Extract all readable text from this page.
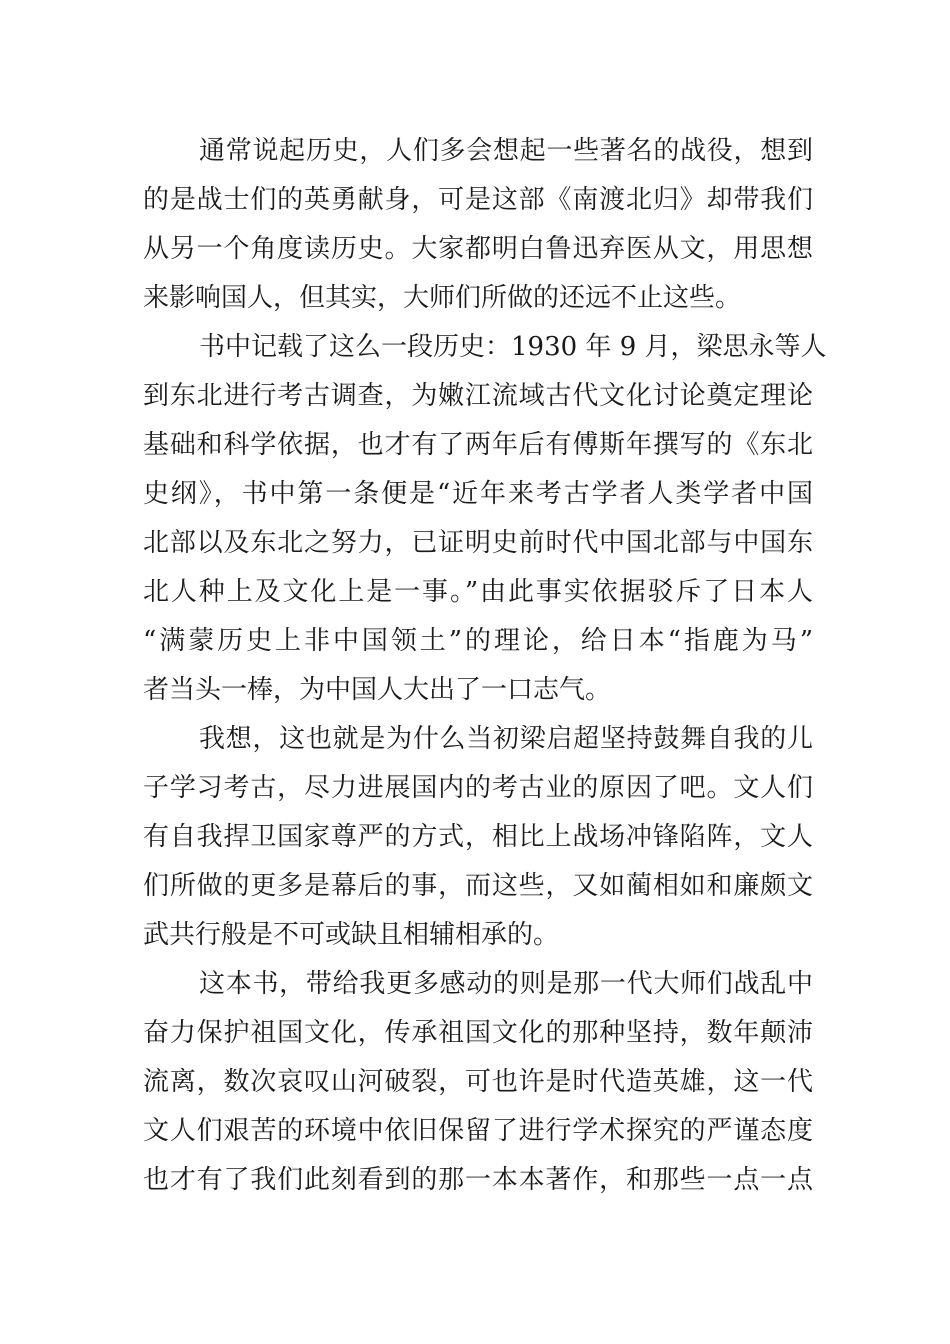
通常说起历史，人们多会想起一些著名的战役，想到
的是战士们的英勇献身，可是这部《南渡北归》却带我们
从另一个角度读历史。大家都明白鲁迅弃医从文，用思想
来影响国人，但其实，大师们所做的还远不止这些。
书中记载了这么一段历史：1930 年 9 月，梁思永等人
到东北进行考古调查，为嫩江流域古代文化讨论奠定理论
基础和科学依据，也才有了两年后有傅斯年撰写的《东北
史纲》，书中第一条便是“近年来考古学者人类学者中国
北部以及东北之努力，已证明史前时代中国北部与中国东
北人种上及文化上是一事。”由此事实依据驳斥了日本人
“满蒙历史上非中国领土”的理论，给日本“指鹿为马”
者当头一棒，为中国人大出了一口志气。
我想，这也就是为什么当初梁启超坚持鼓舞自我的儿
子学习考古，尽力进展国内的考古业的原因了吧。文人们
有自我捍卫国家尊严的方式，相比上战场冲锋陷阵，文人
们所做的更多是幕后的事，而这些，又如蔺相如和廉颇文
武共行般是不可或缺且相辅相承的。
这本书，带给我更多感动的则是那一代大师们战乱中
奋力保护祖国文化，传承祖国文化的那种坚持，数年颠沛
流离，数次哀叹山河破裂，可也许是时代造英雄，这一代
文人们艰苦的环境中依旧保留了进行学术探究的严谨态度
也才有了我们此刻看到的那一本本著作，和那些一点一点
